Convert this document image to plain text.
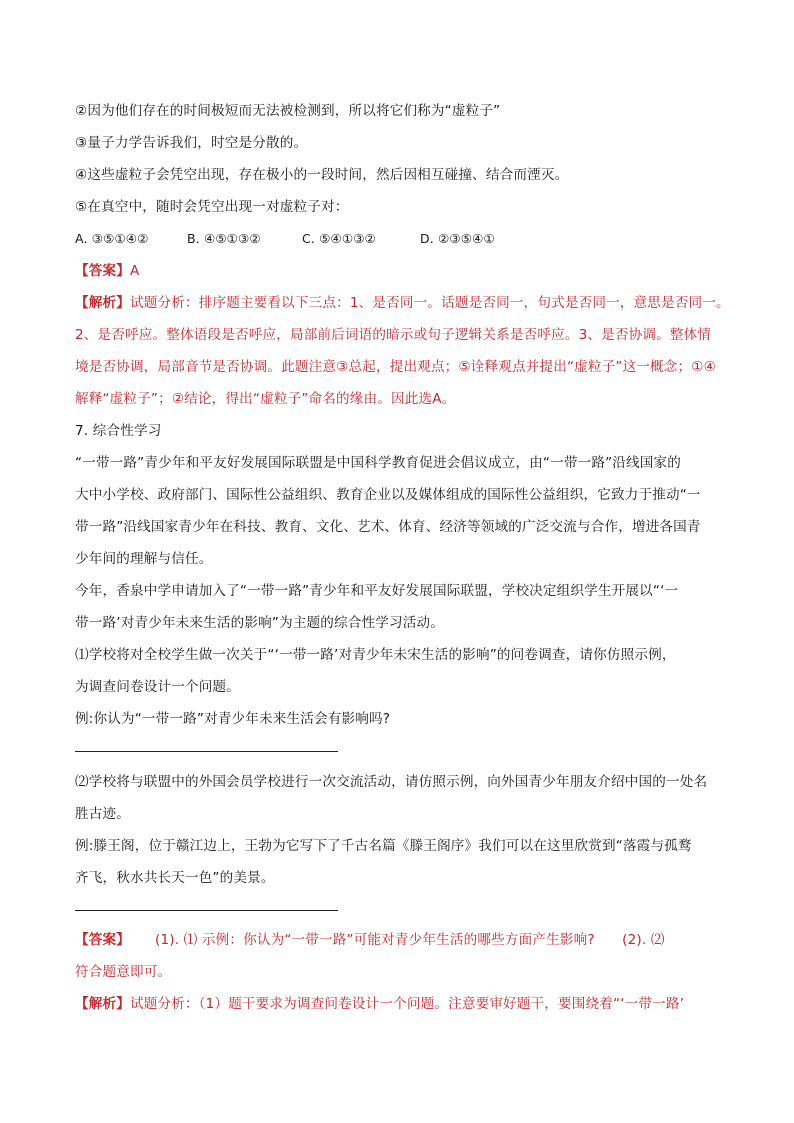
②因为他们存在的时间极短而无法被检测到，所以将它们称为“虚粒子”
③量子力学告诉我们，时空是分散的。
④这些虚粒子会凭空出现，存在极小的一段时间，然后因相互碰撞、结合而湮灭。
⑤在真空中，随时会凭空出现一对虚粒子对：
A. ③⑤①④②	B. ④⑤①③②	C. ⑤④①③②	D. ②③⑤④①
【答案】A
【解析】试题分析：排序题主要看以下三点：1、是否同一。话题是否同一，句式是否同一，意思是否同一。
2、是否呼应。整体语段是否呼应，局部前后词语的暗示或句子逻辑关系是否呼应。3、是否协调。整体情
境是否协调，局部音节是否协调。此题注意③总起，提出观点；⑤诠释观点并提出“虚粒子”这一概念；①④
解释“虚粒子”；②结论，得出“虚粒子”命名的缘由。因此选A。
7. 综合性学习
“一带一路”青少年和平友好发展国际联盟是中国科学教育促进会倡议成立，由“一带一路”沿线国家的
大中小学校、政府部门、国际性公益组织、教育企业以及媒体组成的国际性公益组织，它致力于推动“一
带一路”沿线国家青少年在科技、教育、文化、艺术、体育、经济等领域的广泛交流与合作，增进各国青
少年间的理解与信任。
今年，香泉中学申请加入了“一带一路”青少年和平友好发展国际联盟，学校决定组织学生开展以“‘一
带一路’对青少年未来生活的影响”为主题的综合性学习活动。
⑴学校将对全校学生做一次关于“‘一带一路’对青少年未宋生活的影响”的问卷调查，请你仿照示例，
为调查问卷设计一个问题。
例:你认为“一带一路”对青少年未来生活会有影响吗?
⑵学校将与联盟中的外国会员学校进行一次交流活动，请仿照示例，向外国青少年朋友介绍中国的一处名
胜古迹。
例:滕王阁，位于赣江边上，王勃为它写下了千古名篇《滕王阁序》我们可以在这里欣赏到“落霞与孤鹜
齐飞，秋水共长天一色”的美景。
【答案】 (1). ⑴ 示例：你认为“一带一路”可能对青少年生活的哪些方面产生影响?　　(2). ⑵
符合题意即可。
【解析】试题分析：（1）题干要求为调查问卷设计一个问题。注意要审好题干，要围绕着“‘一带一路’
